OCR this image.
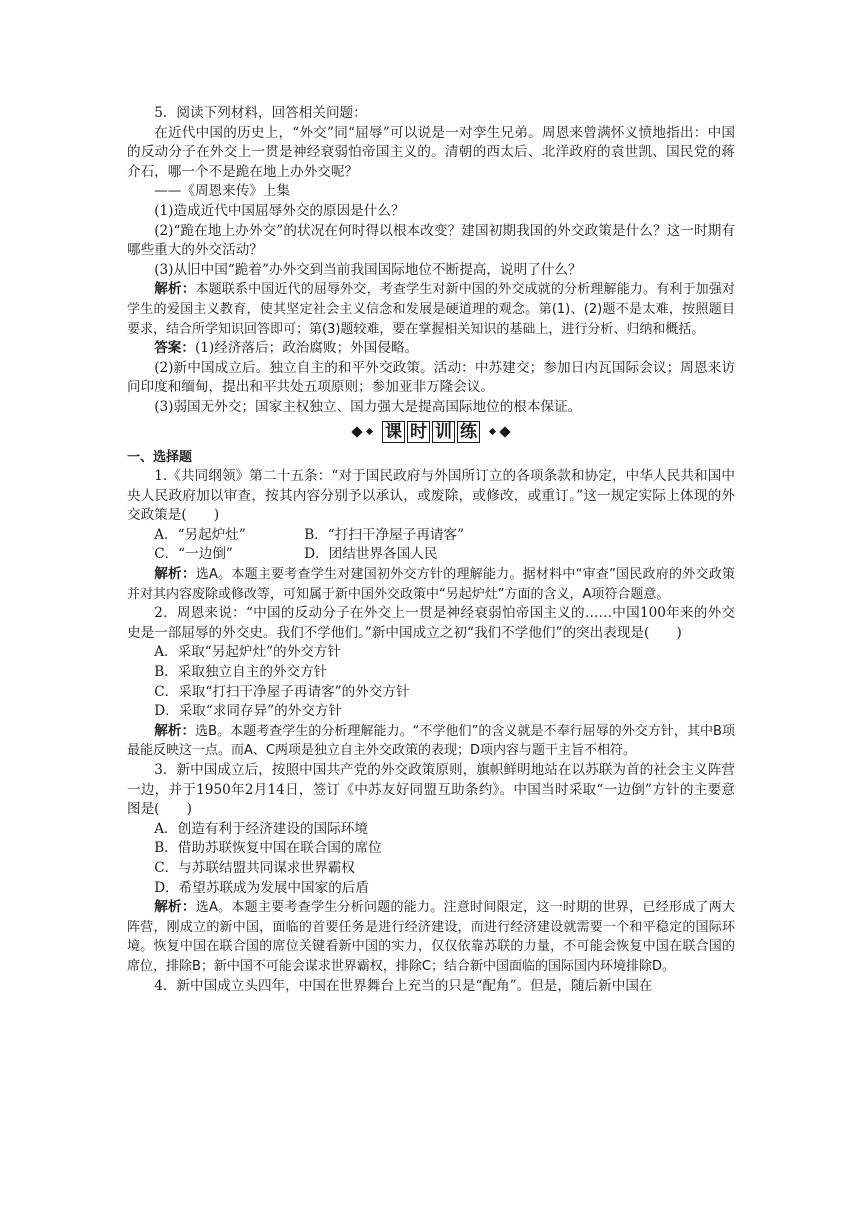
5．阅读下列材料，回答相关问题：

在近代中国的历史上，“外交”同“屈辱”可以说是一对孪生兄弟。周恩来曾满怀义愤地指出：中国的反动分子在外交上一贯是神经衰弱怕帝国主义的。清朝的西太后、北洋政府的袁世凯、国民党的蒋介石，哪一个不是跪在地上办外交呢？

——《周恩来传》上集

(1)造成近代中国屈辱外交的原因是什么？

(2)“跪在地上办外交”的状况在何时得以根本改变？建国初期我国的外交政策是什么？这一时期有哪些重大的外交活动？

(3)从旧中国“跪着”办外交到当前我国国际地位不断提高，说明了什么？

解析：本题联系中国近代的屈辱外交，考查学生对新中国的外交成就的分析理解能力。有利于加强对学生的爱国主义教育，使其坚定社会主义信念和发展是硬道理的观念。第(1)、(2)题不是太难，按照题目要求，结合所学知识回答即可；第(3)题较难，要在掌握相关知识的基础上，进行分析、归纳和概括。

答案：(1)经济落后；政治腐败；外国侵略。

(2)新中国成立后。独立自主的和平外交政策。活动：中苏建交；参加日内瓦国际会议；周恩来访问印度和缅甸，提出和平共处五项原则；参加亚非万隆会议。

(3)弱国无外交；国家主权独立、国力强大是提高国际地位的根本保证。

课 时 训 练

一、选择题

1.《共同纲领》第二十五条：“对于国民政府与外国所订立的各项条款和协定，中华人民共和国中央人民政府加以审查，按其内容分别予以承认，或废除，或修改，或重订。”这一规定实际上体现的外交政策是(　　)

A．“另起炉灶”	B．“打扫干净屋子再请客”
C．“一边倒”	D．团结世界各国人民

解析：选A。本题主要考查学生对建国初外交方针的理解能力。据材料中“审查”国民政府的外交政策并对其内容废除或修改等，可知属于新中国外交政策中“另起炉灶”方面的含义，A项符合题意。

2．周恩来说：“中国的反动分子在外交上一贯是神经衰弱怕帝国主义的……中国100年来的外交史是一部屈辱的外交史。我们不学他们。”新中国成立之初“我们不学他们”的突出表现是(　　)

A．采取“另起炉灶”的外交方针

B．采取独立自主的外交方针

C．采取“打扫干净屋子再请客”的外交方针

D．采取“求同存异”的外交方针

解析：选B。本题考查学生的分析理解能力。“不学他们”的含义就是不奉行屈辱的外交方针，其中B项最能反映这一点。而A、C两项是独立自主外交政策的表现；D项内容与题干主旨不相符。

3．新中国成立后，按照中国共产党的外交政策原则，旗帜鲜明地站在以苏联为首的社会主义阵营一边，并于1950年2月14日，签订《中苏友好同盟互助条约》。中国当时采取“一边倒”方针的主要意图是(　　)

A．创造有利于经济建设的国际环境

B．借助苏联恢复中国在联合国的席位

C．与苏联结盟共同谋求世界霸权

D．希望苏联成为发展中国家的后盾

解析：选A。本题主要考查学生分析问题的能力。注意时间限定，这一时期的世界，已经形成了两大阵营，刚成立的新中国，面临的首要任务是进行经济建设，而进行经济建设就需要一个和平稳定的国际环境。恢复中国在联合国的席位关键看新中国的实力，仅仅依靠苏联的力量，不可能会恢复中国在联合国的席位，排除B；新中国不可能会谋求世界霸权，排除C；结合新中国面临的国际国内环境排除D。

4．新中国成立头四年，中国在世界舞台上充当的只是“配角”。但是，随后新中国在
